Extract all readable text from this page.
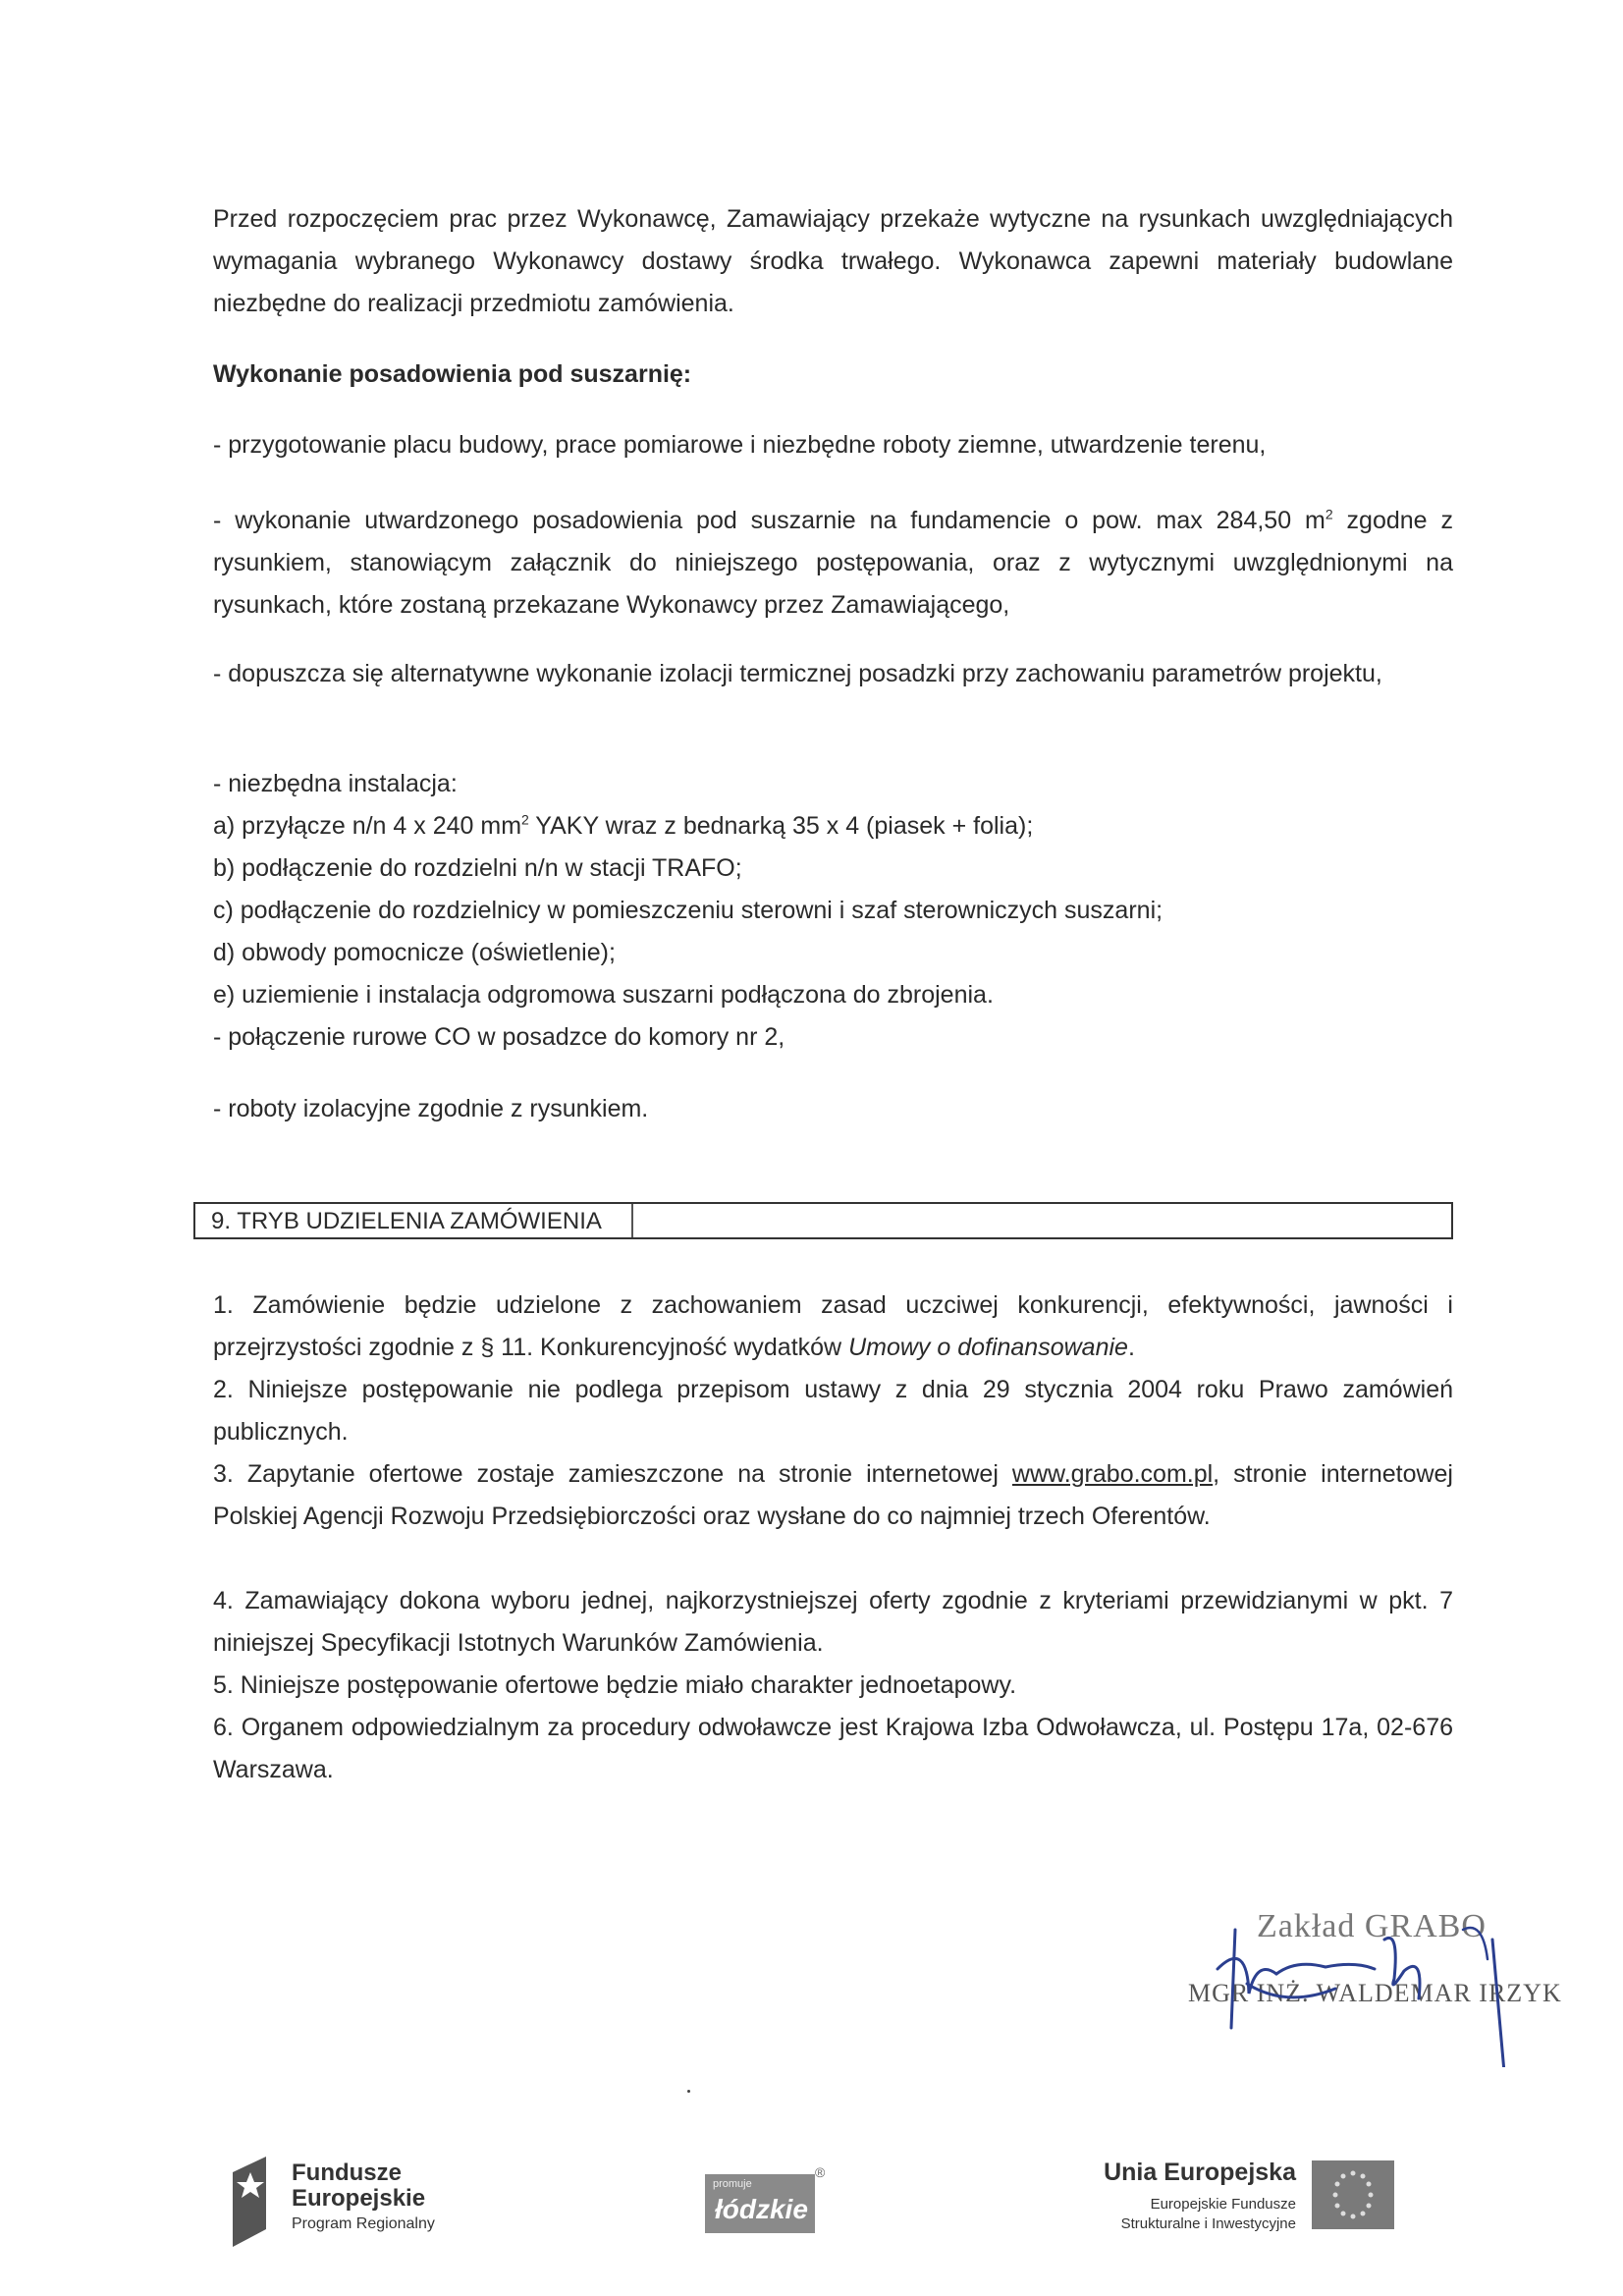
Przed rozpoczęciem prac przez Wykonawcę, Zamawiający przekaże wytyczne na rysunkach uwzględniających wymagania wybranego Wykonawcy dostawy środka trwałego. Wykonawca zapewni materiały budowlane niezbędne do realizacji przedmiotu zamówienia.

Wykonanie posadowienia pod suszarnię:

- przygotowanie placu budowy, prace pomiarowe i niezbędne roboty ziemne, utwardzenie terenu,

- wykonanie utwardzonego posadowienia pod suszarnie na fundamencie o pow. max 284,50 $m^2$ zgodne z rysunkiem, stanowiącym załącznik do niniejszego postępowania, oraz z wytycznymi uwzględnionymi na rysunkach, które zostaną przekazane Wykonawcy przez Zamawiającego,

- dopuszcza się alternatywne wykonanie izolacji termicznej posadzki przy zachowaniu parametrów projektu,

- niezbędna instalacja:

a) przyłącze n/n 4 x 240 $mm^2$ YAKY wraz z bednarką 35 x 4 (piasek + folia);

b) podłączenie do rozdzielni n/n w stacji TRAFO;

c) podłączenie do rozdzielnicy w pomieszczeniu sterowni i szaf sterowniczych suszarni;

d) obwody pomocnicze (oświetlenie);

e) uziemienie i instalacja odgromowa suszarni podłączona do zbrojenia.

- połączenie rurowe CO w posadzce do komory nr 2,

- roboty izolacyjne zgodnie z rysunkiem.

9. TRYB UDZIELENIA ZAMÓWIENIA

1. Zamówienie będzie udzielone z zachowaniem zasad uczciwej konkurencji, efektywności, jawności i przejrzystości zgodnie z § 11. Konkurencyjność wydatków Umowy o dofinansowanie.

2. Niniejsze postępowanie nie podlega przepisom ustawy z dnia 29 stycznia 2004 roku Prawo zamówień publicznych.

3. Zapytanie ofertowe zostaje zamieszczone na stronie internetowej www.grabo.com.pl, stronie internetowej Polskiej Agencji Rozwoju Przedsiębiorczości oraz wysłane do co najmniej trzech Oferentów.

4. Zamawiający dokona wyboru jednej, najkorzystniejszej oferty zgodnie z kryteriami przewidzianymi w pkt. 7 niniejszej Specyfikacji Istotnych Warunków Zamówienia.

5. Niniejsze postępowanie ofertowe będzie miało charakter jednoetapowy.

6. Organem odpowiedzialnym za procedury odwoławcze jest Krajowa Izba Odwoławcza, ul. Postępu 17a, 02-676 Warszawa.

Zakład GRABO
MGR INŻ. WALDEMAR IRZYK
Fundusze
Europejskie
Program Regionalny
promuje
łódzkie
®	Unia Europejska
Europejskie Fundusze
Strukturalne i Inwestycyjne
